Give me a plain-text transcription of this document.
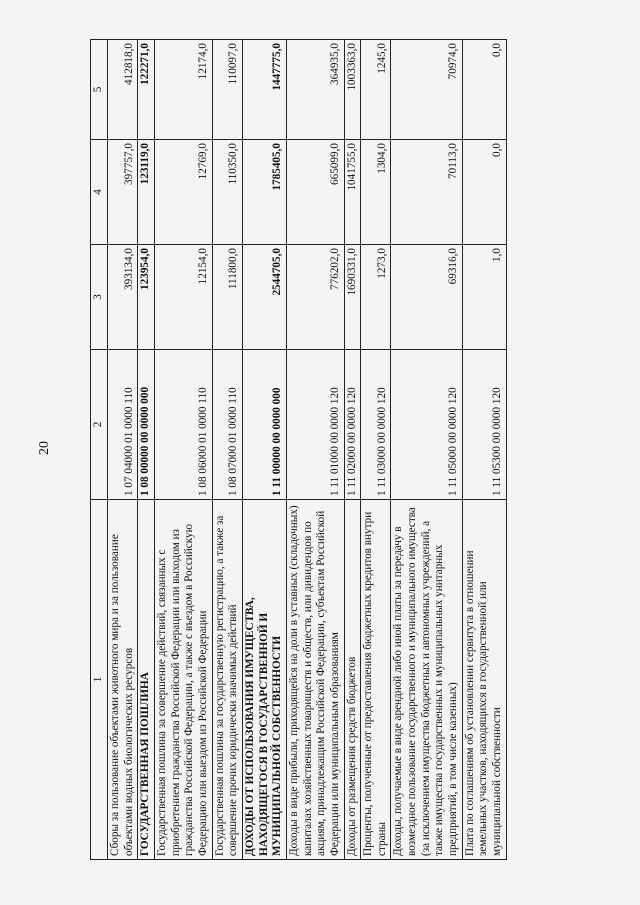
20
1	2	3	4	5
Сборы за пользование объектами животного мира и за пользование объектами водных биологических ресурсов	1 07 04000 01 0000 110	393134,0	397757,0	412818,0
ГОСУДАРСТВЕННАЯ ПОШЛИНА	1 08 00000 00 0000 000	123954,0	123119,0	122271,0
Государственная пошлина за совершение действий, связанных с приобретением гражданства Российской Федерации или выходом из гражданства Российской Федерации, а также с въездом в Российскую Федерацию или выездом из Российской Федерации	1 08 06000 01 0000 110	12154,0	12769,0	12174,0
Государственная пошлина за государственную регистрацию, а также за совершение прочих юридически значимых действий	1 08 07000 01 0000 110	111800,0	110350,0	110097,0
ДОХОДЫ ОТ ИСПОЛЬЗОВАНИЯ ИМУЩЕСТВА, НАХОДЯЩЕГОСЯ В ГОСУДАРСТВЕННОЙ И МУНИЦИПАЛЬНОЙ СОБСТВЕННОСТИ	1 11 00000 00 0000 000	2544705,0	1785405,0	1447775,0
Доходы в виде прибыли, приходящейся на доли в уставных (складочных) капиталах хозяйственных товариществ и обществ, или дивидендов по акциям, принадлежащим Российской Федерации, субъектам Российской Федерации или муниципальным образованиям	1 11 01000 00 0000 120	776202,0	665099,0	364935,0
Доходы от размещения средств бюджетов	1 11 02000 00 0000 120	1690331,0	1041755,0	1003363,0
Проценты, полученные от предоставления бюджетных кредитов внутри страны	1 11 03000 00 0000 120	1273,0	1304,0	1245,0
Доходы, получаемые в виде арендной либо иной платы за передачу в возмездное пользование государственного и муниципального имущества (за исключением имущества бюджетных и автономных учреждений, а также имущества государственных и муниципальных унитарных предприятий, в том числе казенных)	1 11 05000 00 0000 120	69316,0	70113,0	70974,0
Плата по соглашениям об установлении сервитута в отношении земельных участков, находящихся в государственной или муниципальной собственности	1 11 05300 00 0000 120	1,0	0,0	0,0
